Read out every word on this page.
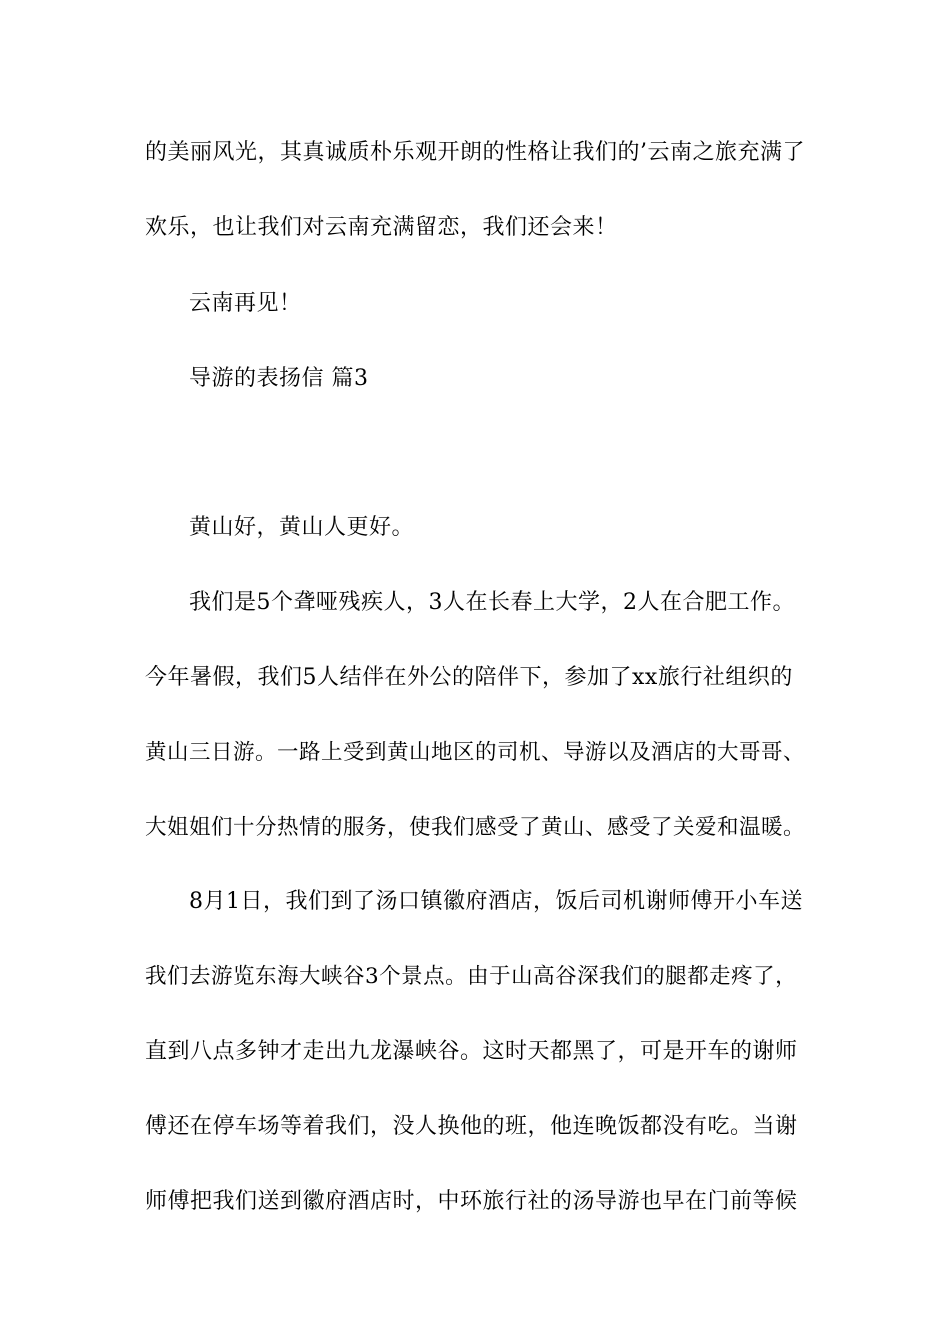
的美丽风光，其真诚质朴乐观开朗的性格让我们的’云南之旅充满了
欢乐，也让我们对云南充满留恋，我们还会来！
云南再见！
导游的表扬信 篇3
黄山好，黄山人更好。
我们是5个聋哑残疾人，3人在长春上大学，2人在合肥工作。
今年暑假，我们5人结伴在外公的陪伴下，参加了xx旅行社组织的
黄山三日游。一路上受到黄山地区的司机、导游以及酒店的大哥哥、
大姐姐们十分热情的服务，使我们感受了黄山、感受了关爱和温暖。
8月1日，我们到了汤口镇徽府酒店，饭后司机谢师傅开小车送
我们去游览东海大峡谷3个景点。由于山高谷深我们的腿都走疼了，
直到八点多钟才走出九龙瀑峡谷。这时天都黑了，可是开车的谢师
傅还在停车场等着我们，没人换他的班，他连晚饭都没有吃。当谢
师傅把我们送到徽府酒店时，中环旅行社的汤导游也早在门前等候
